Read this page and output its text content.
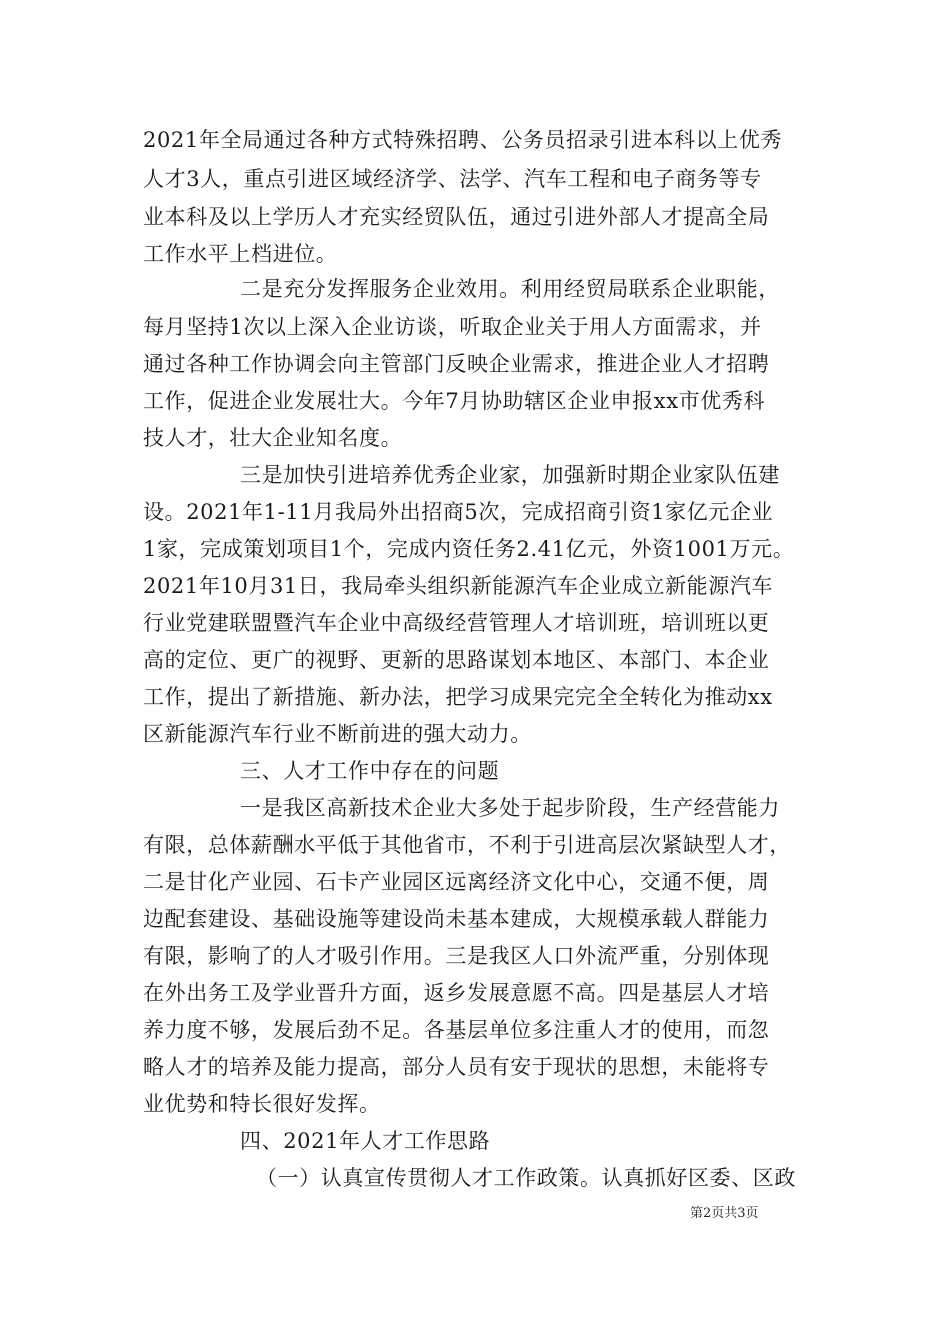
2021年全局通过各种方式特殊招聘、公务员招录引进本科以上优秀
人才3人，重点引进区域经济学、法学、汽车工程和电子商务等专
业本科及以上学历人才充实经贸队伍，通过引进外部人才提高全局
工作水平上档进位。
二是充分发挥服务企业效用。利用经贸局联系企业职能，
每月坚持1次以上深入企业访谈，听取企业关于用人方面需求，并
通过各种工作协调会向主管部门反映企业需求，推进企业人才招聘
工作，促进企业发展壮大。今年7月协助辖区企业申报xx市优秀科
技人才，壮大企业知名度。
三是加快引进培养优秀企业家，加强新时期企业家队伍建
设。2021年1-11月我局外出招商5次，完成招商引资1家亿元企业
1家，完成策划项目1个，完成内资任务2.41亿元，外资1001万元。
2021年10月31日，我局牵头组织新能源汽车企业成立新能源汽车
行业党建联盟暨汽车企业中高级经营管理人才培训班，培训班以更
高的定位、更广的视野、更新的思路谋划本地区、本部门、本企业
工作，提出了新措施、新办法，把学习成果完完全全转化为推动xx
区新能源汽车行业不断前进的强大动力。
三、人才工作中存在的问题
一是我区高新技术企业大多处于起步阶段，生产经营能力
有限，总体薪酬水平低于其他省市，不利于引进高层次紧缺型人才，
二是甘化产业园、石卡产业园区远离经济文化中心，交通不便，周
边配套建设、基础设施等建设尚未基本建成，大规模承载人群能力
有限，影响了的人才吸引作用。三是我区人口外流严重，分别体现
在外出务工及学业晋升方面，返乡发展意愿不高。四是基层人才培
养力度不够，发展后劲不足。各基层单位多注重人才的使用，而忽
略人才的培养及能力提高，部分人员有安于现状的思想，未能将专
业优势和特长很好发挥。
四、2021年人才工作思路
（一）认真宣传贯彻人才工作政策。认真抓好区委、区政
第2页共3页
